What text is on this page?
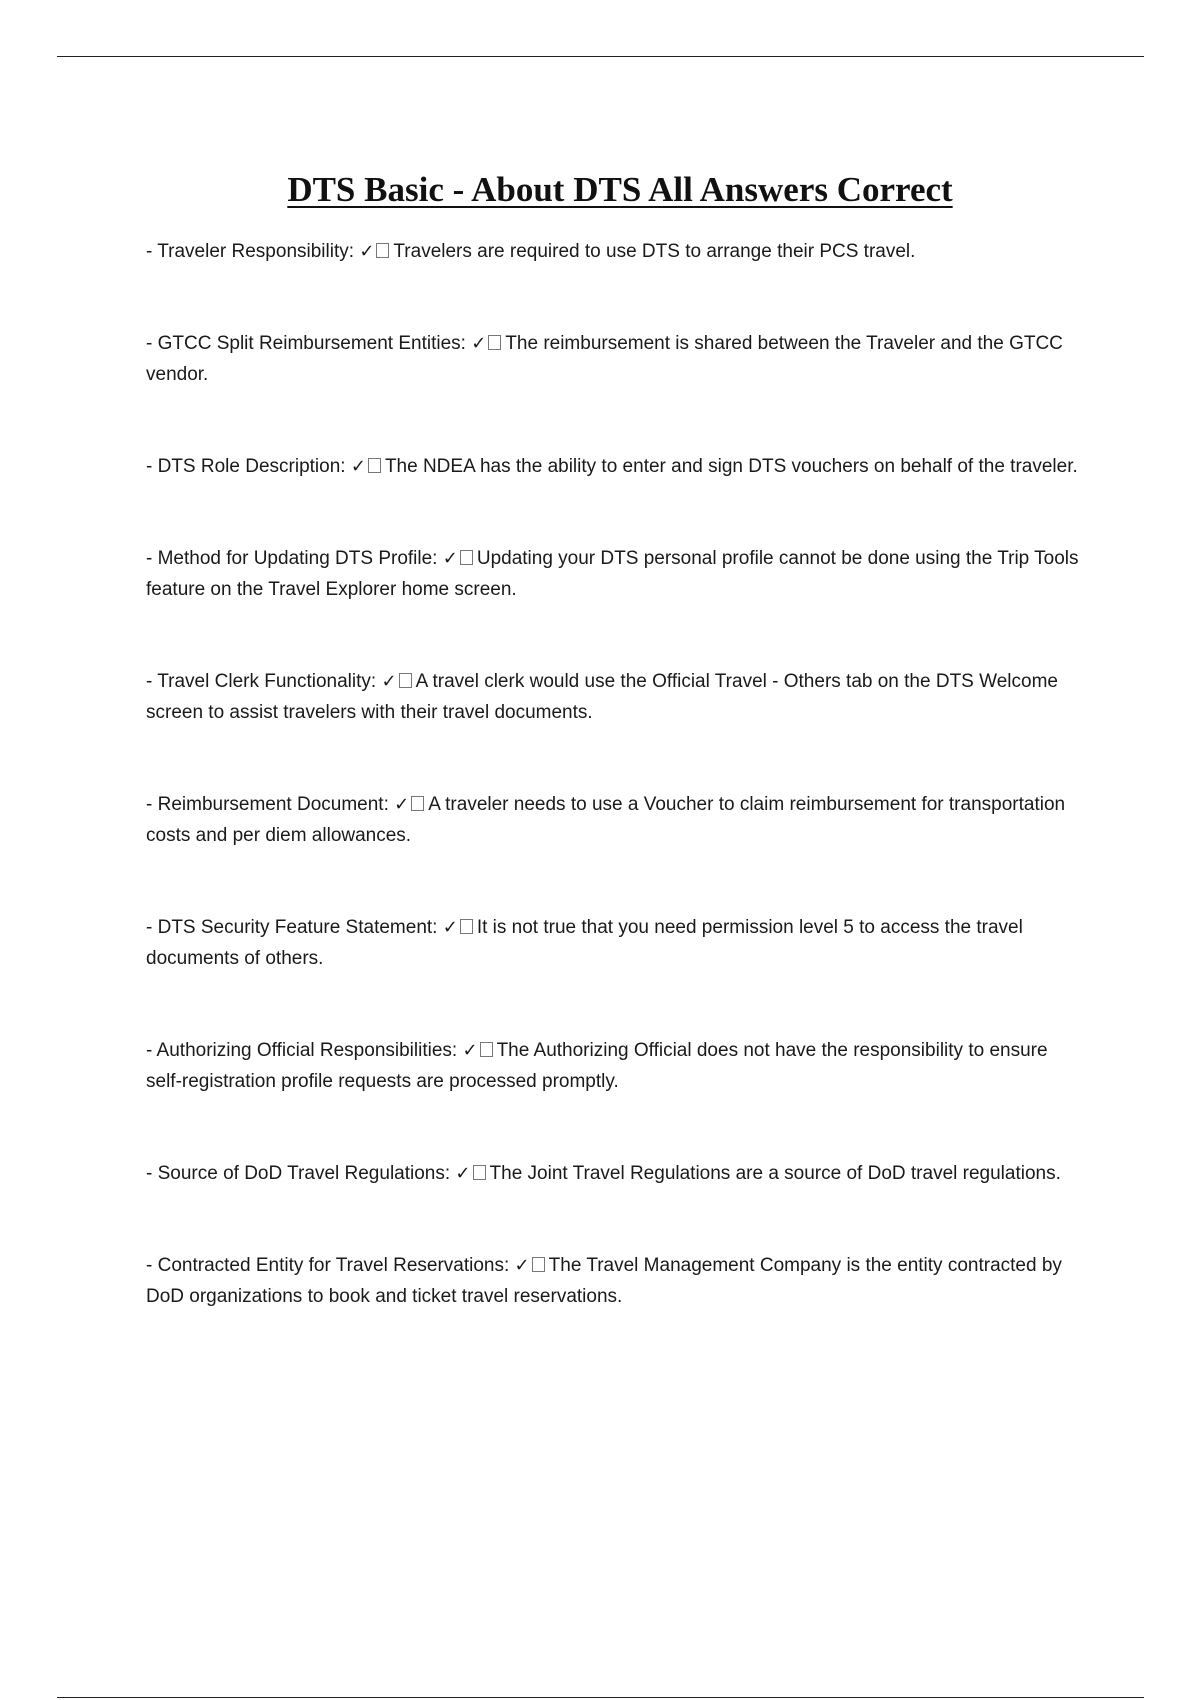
DTS Basic - About DTS All Answers Correct
- Traveler Responsibility: ✓ Travelers are required to use DTS to arrange their PCS travel.
- GTCC Split Reimbursement Entities: ✓ The reimbursement is shared between the Traveler and the GTCC vendor.
- DTS Role Description: ✓ The NDEA has the ability to enter and sign DTS vouchers on behalf of the traveler.
- Method for Updating DTS Profile: ✓ Updating your DTS personal profile cannot be done using the Trip Tools feature on the Travel Explorer home screen.
- Travel Clerk Functionality: ✓ A travel clerk would use the Official Travel - Others tab on the DTS Welcome screen to assist travelers with their travel documents.
- Reimbursement Document: ✓ A traveler needs to use a Voucher to claim reimbursement for transportation costs and per diem allowances.
- DTS Security Feature Statement: ✓ It is not true that you need permission level 5 to access the travel documents of others.
- Authorizing Official Responsibilities: ✓ The Authorizing Official does not have the responsibility to ensure self-registration profile requests are processed promptly.
- Source of DoD Travel Regulations: ✓ The Joint Travel Regulations are a source of DoD travel regulations.
- Contracted Entity for Travel Reservations: ✓ The Travel Management Company is the entity contracted by DoD organizations to book and ticket travel reservations.
